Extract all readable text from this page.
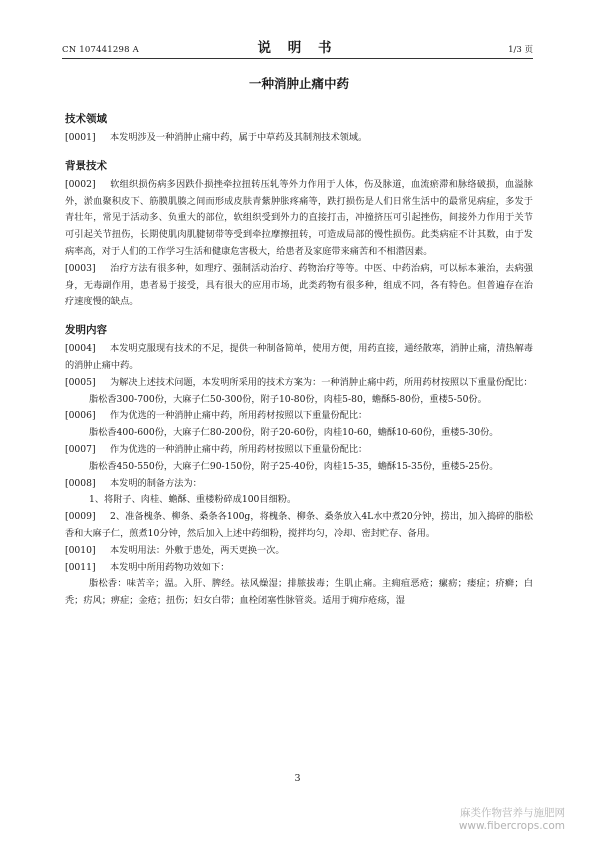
CN 107441298 A	说 明 书	1/3 页
一种消肿止痛中药
技术领域

[0001] 本发明涉及一种消肿止痛中药，属于中草药及其制剂技术领域。

背景技术

[0002] 软组织损伤病多因跌仆损挫牵拉扭转压轧等外力作用于人体，伤及脉道，血流瘀滞和脉络破损，血溢脉外，淤血聚积皮下、筋膜肌腠之间而形成皮肤青紫肿胀疼痛等，跌打损伤是人们日常生活中的最常见病症，多发于青壮年，常见于活动多、负重大的部位，软组织受到外力的直接打击，冲撞挤压可引起挫伤，间接外力作用于关节可引起关节扭伤，长期使肌肉肌腱韧带等受到牵拉摩擦扭转，可造成局部的慢性损伤。此类病症不计其数，由于发病率高，对于人们的工作学习生活和健康危害极大，给患者及家庭带来痛苦和不相潜因素。

[0003] 治疗方法有很多种，如理疗、强制活动治疗、药物治疗等等。中医、中药治病，可以标本兼治，去病强身，无毒副作用，患者易于接受，具有很大的应用市场，此类药物有很多种，组成不同，各有特色。但普遍存在治疗速度慢的缺点。

发明内容

[0004] 本发明克服现有技术的不足，提供一种制备简单，使用方便，用药直接，通经散寒，消肿止痛，清热解毒的消肿止痛中药。

[0005] 为解决上述技术问题，本发明所采用的技术方案为：一种消肿止痛中药，所用药材按照以下重量份配比：

脂松香300-700份，大麻子仁50-300份，附子10-80份，肉桂5-80，蟾酥5-80份，重楼5-50份。

[0006] 作为优选的一种消肿止痛中药，所用药材按照以下重量份配比：

脂松香400-600份，大麻子仁80-200份，附子20-60份，肉桂10-60，蟾酥10-60份，重楼5-30份。

[0007] 作为优选的一种消肿止痛中药，所用药材按照以下重量份配比：

脂松香450-550份，大麻子仁90-150份，附子25-40份，肉桂15-35，蟾酥15-35份，重楼5-25份。

[0008] 本发明的制备方法为：

1、将附子、肉桂、蟾酥、重楼粉碎成100目细粉。

[0009] 2、准备槐条、柳条、桑条各100g，将槐条、柳条、桑条放入4L水中煮20分钟，捞出，加入捣碎的脂松香和大麻子仁，煎煮10分钟，然后加入上述中药细粉，搅拌均匀，冷却、密封贮存、备用。

[0010] 本发明用法：外敷于患处，两天更换一次。

[0011] 本发明中所用药物功效如下：

脂松香：味苦辛；温。入肝、脾经。祛风燥湿；排脓拔毒；生肌止痛。主痈疽恶疮；瘰疬；瘘症；疥癣；白秃；疠风；痹症；金疮；扭伤；妇女白带；血栓闭塞性脉管炎。适用于痈疖疮疡，湿

3
麻类作物营养与施肥网
www.fibercrops.com
